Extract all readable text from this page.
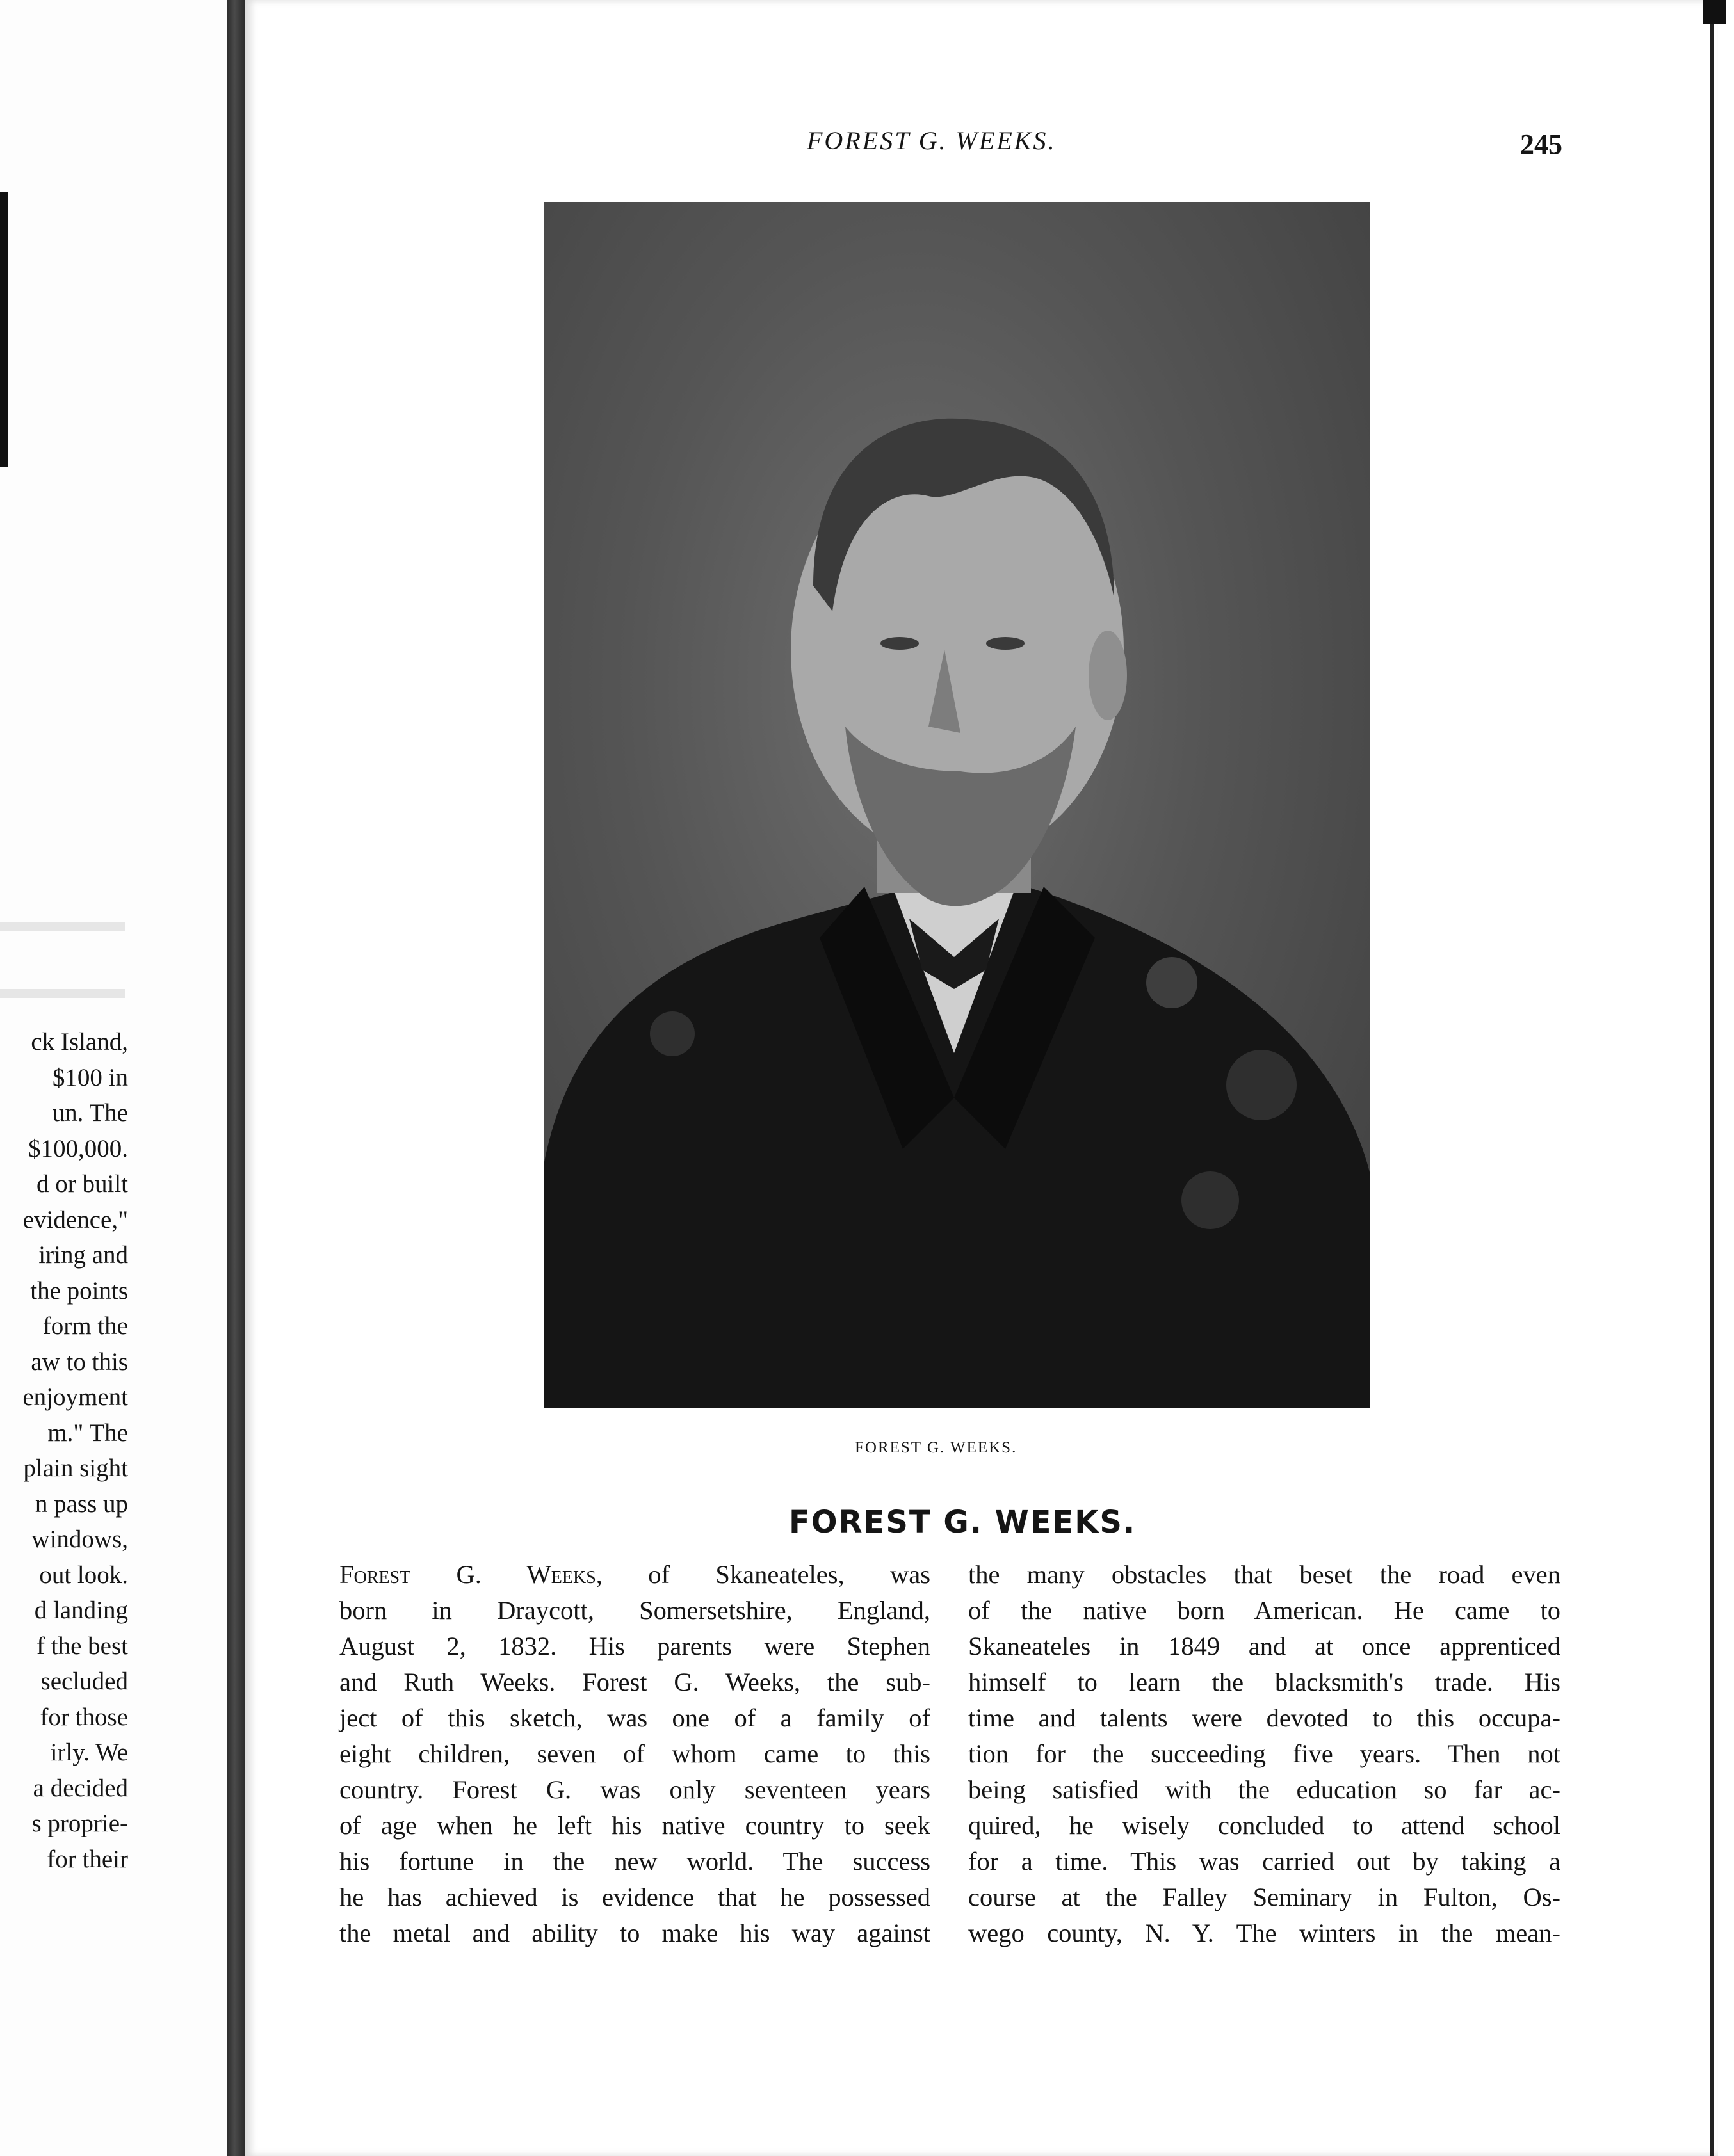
ck Island,
$100 in
un. The
$100,000.
d or built
evidence,"
iring and
the points
form the
aw to this
enjoyment
m." The
plain sight
n pass up
windows,
out look.
d landing
f the best
secluded
for those
irly. We
a decided
s proprie-
for their
FOREST G. WEEKS.	245
FOREST G. WEEKS.
FOREST G. WEEKS.
Forest G. Weeks, of Skaneateles, was
born in Draycott, Somersetshire, England,
August 2, 1832. His parents were Stephen
and Ruth Weeks. Forest G. Weeks, the sub-
ject of this sketch, was one of a family of
eight children, seven of whom came to this
country. Forest G. was only seventeen years
of age when he left his native country to seek
his fortune in the new world. The success
he has achieved is evidence that he possessed
the metal and ability to make his way against
the many obstacles that beset the road even
of the native born American. He came to
Skaneateles in 1849 and at once apprenticed
himself to learn the blacksmith's trade. His
time and talents were devoted to this occupa-
tion for the succeeding five years. Then not
being satisfied with the education so far ac-
quired, he wisely concluded to attend school
for a time. This was carried out by taking a
course at the Falley Seminary in Fulton, Os-
wego county, N. Y. The winters in the mean-
